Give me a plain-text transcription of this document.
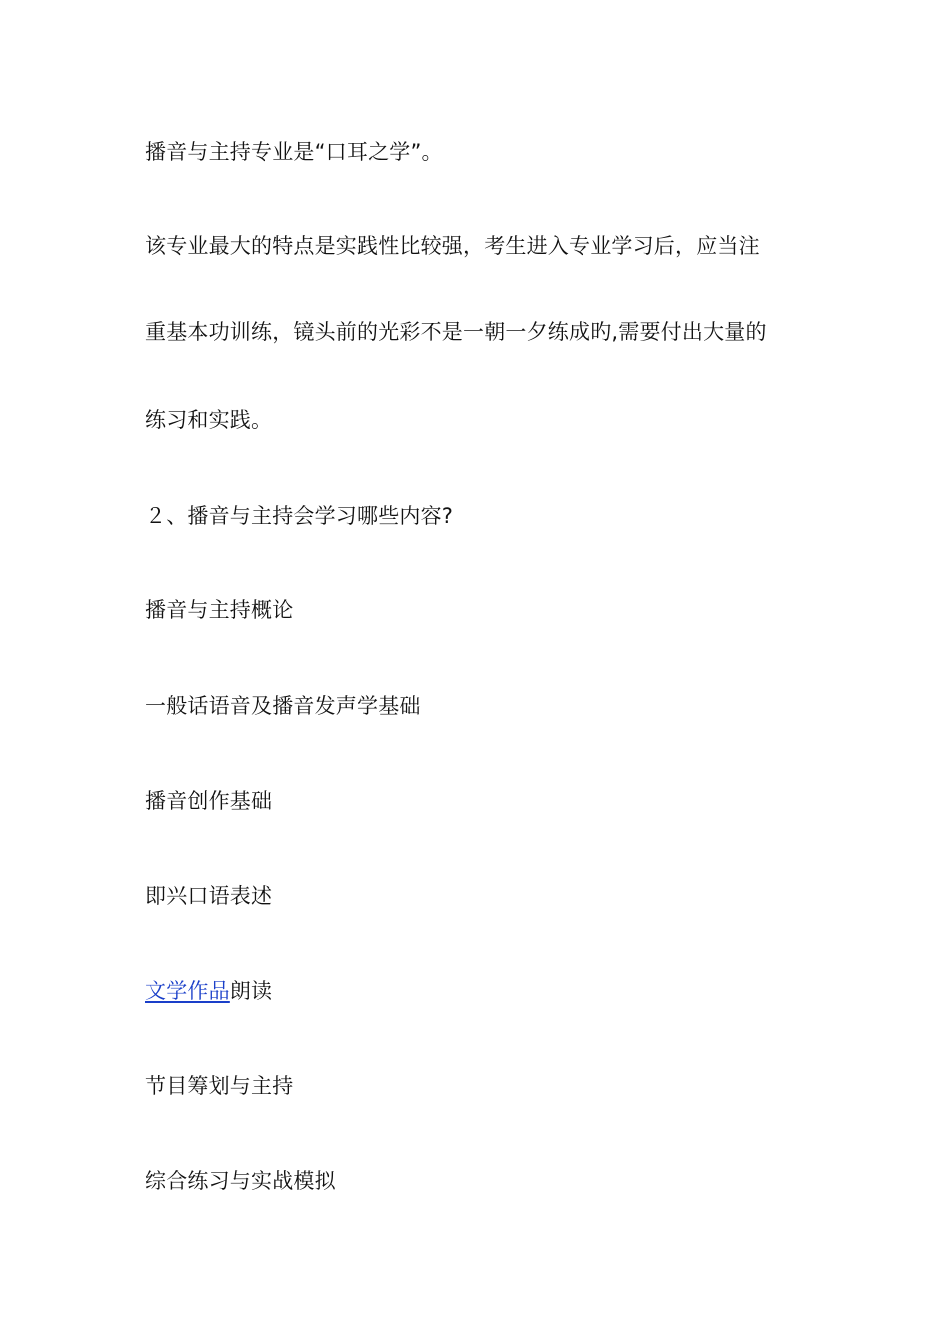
播音与主持专业是“口耳之学”。
该专业最大的特点是实践性比较强，考生进入专业学习后，应当注
重基本功训练，镜头前的光彩不是一朝一夕练成旳,需要付出大量的
练习和实践。
２、播音与主持会学习哪些内容?
播音与主持概论
一般话语音及播音发声学基础
播音创作基础
即兴口语表述
文学作品朗读
节目筹划与主持
综合练习与实战模拟
